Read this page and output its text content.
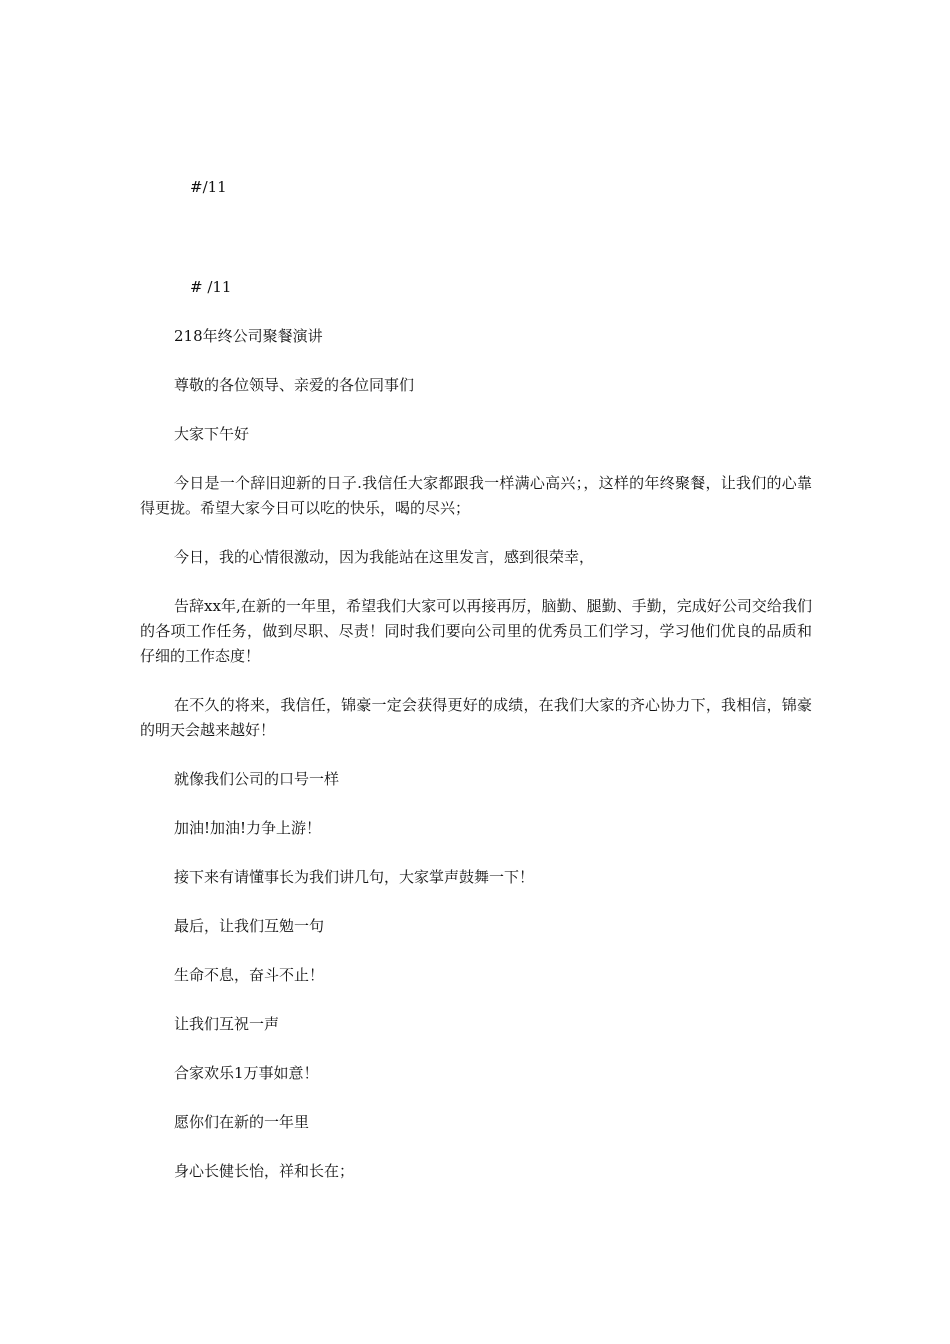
#/11
# /11

218年终公司聚餐演讲

尊敬的各位领导、亲爱的各位同事们

大家下午好

今日是一个辞旧迎新的日子.我信任大家都跟我一样满心高兴；，这样的年终聚餐，让我们的心靠得更拢。希望大家今日可以吃的快乐，喝的尽兴；

今日，我的心情很激动，因为我能站在这里发言，感到很荣幸，

告辞xx年,在新的一年里，希望我们大家可以再接再厉，脑勤、腿勤、手勤，完成好公司交给我们的各项工作任务，做到尽职、尽责！同时我们要向公司里的优秀员工们学习，学习他们优良的品质和仔细的工作态度！

在不久的将来，我信任，锦豪一定会获得更好的成绩，在我们大家的齐心协力下，我相信，锦豪的明天会越来越好！

就像我们公司的口号一样

加油!加油!力争上游！

接下来有请懂事长为我们讲几句，大家掌声鼓舞一下！

最后，让我们互勉一句

生命不息，奋斗不止！

让我们互祝一声

合家欢乐1万事如意！

愿你们在新的一年里

身心长健长怡，祥和长在；
